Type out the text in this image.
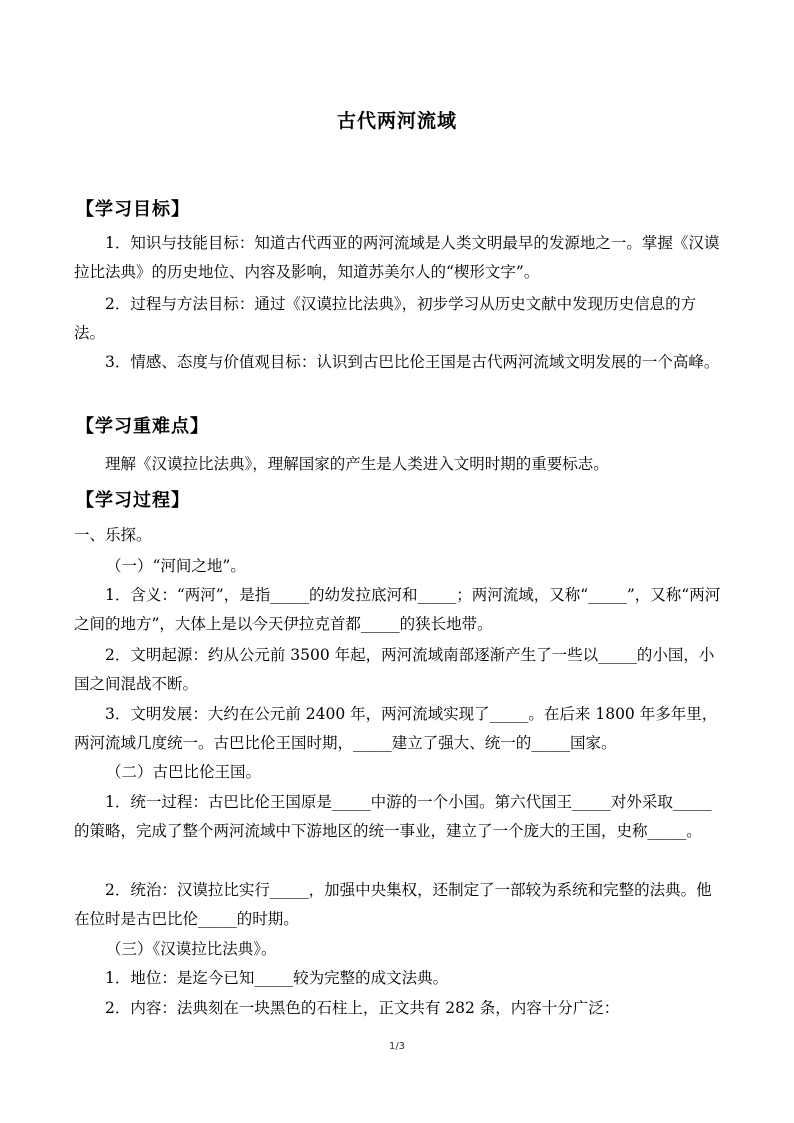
古代两河流域
【学习目标】

1．知识与技能目标：知道古代西亚的两河流域是人类文明最早的发源地之一。掌握《汉谟拉比法典》的历史地位、内容及影响，知道苏美尔人的“楔形文字”。

2．过程与方法目标：通过《汉谟拉比法典》，初步学习从历史文献中发现历史信息的方法。

3．情感、态度与价值观目标：认识到古巴比伦王国是古代两河流域文明发展的一个高峰。

【学习重难点】

理解《汉谟拉比法典》，理解国家的产生是人类进入文明时期的重要标志。

【学习过程】

一、乐探。

（一）“河间之地”。

1．含义：“两河”，是指_____的幼发拉底河和_____；两河流域，又称“_____”，又称“两河之间的地方”，大体上是以今天伊拉克首都_____的狭长地带。

2．文明起源：约从公元前 3500 年起，两河流域南部逐渐产生了一些以_____的小国，小国之间混战不断。

3．文明发展：大约在公元前 2400 年，两河流域实现了_____。在后来 1800 年多年里，两河流域几度统一。古巴比伦王国时期，_____建立了强大、统一的_____国家。

（二）古巴比伦王国。

1．统一过程：古巴比伦王国原是_____中游的一个小国。第六代国王_____对外采取_____的策略，完成了整个两河流域中下游地区的统一事业，建立了一个庞大的王国，史称_____。

2．统治：汉谟拉比实行_____，加强中央集权，还制定了一部较为系统和完整的法典。他在位时是古巴比伦_____的时期。

（三）《汉谟拉比法典》。

1．地位：是迄今已知_____较为完整的成文法典。

2．内容：法典刻在一块黑色的石柱上，正文共有 282 条，内容十分广泛：

1/3
